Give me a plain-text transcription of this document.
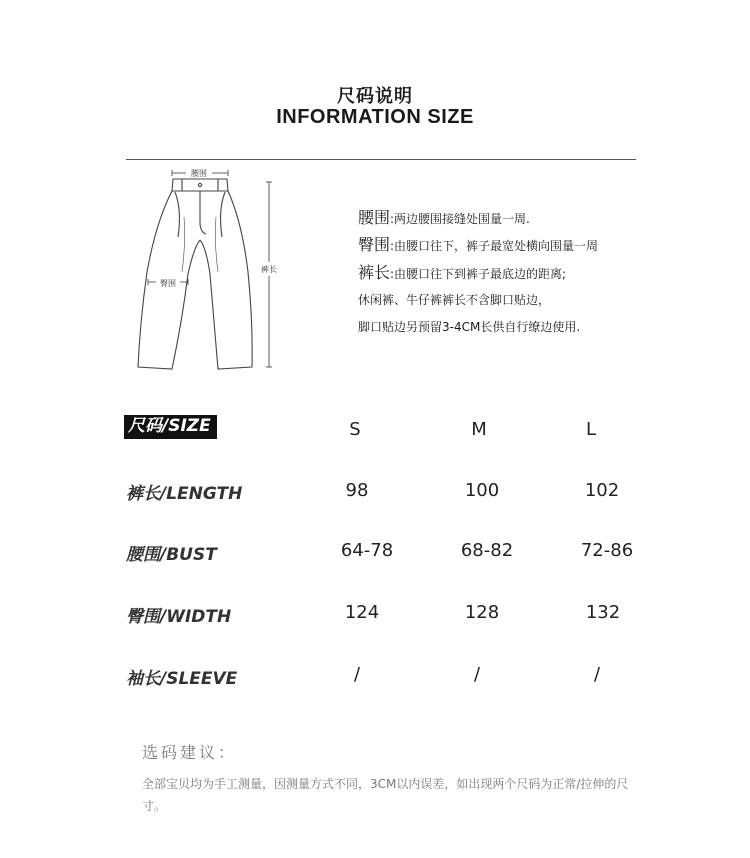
尺码说明
INFORMATION SIZE
腰围
臀围
裤长
腰围:两边腰围接缝处围量一周.
臀围:由腰口往下，裤子最宽处横向围量一周
裤长:由腰口往下到裤子最底边的距离;
休闲裤、牛仔裤裤长不含脚口贴边，
脚口贴边另预留3-4CM长供自行缭边使用.
尺码/SIZE	S	M	L
裤长/LENGTH	98	100	102
腰围/BUST	64-78	68-82	72-86
臀围/WIDTH	124	128	132
袖长/SLEEVE	/	/	/
选码建议：
全部宝贝均为手工测量，因测量方式不同，3CM以内误差，如出现两个尺码为正常/拉伸的尺寸。
